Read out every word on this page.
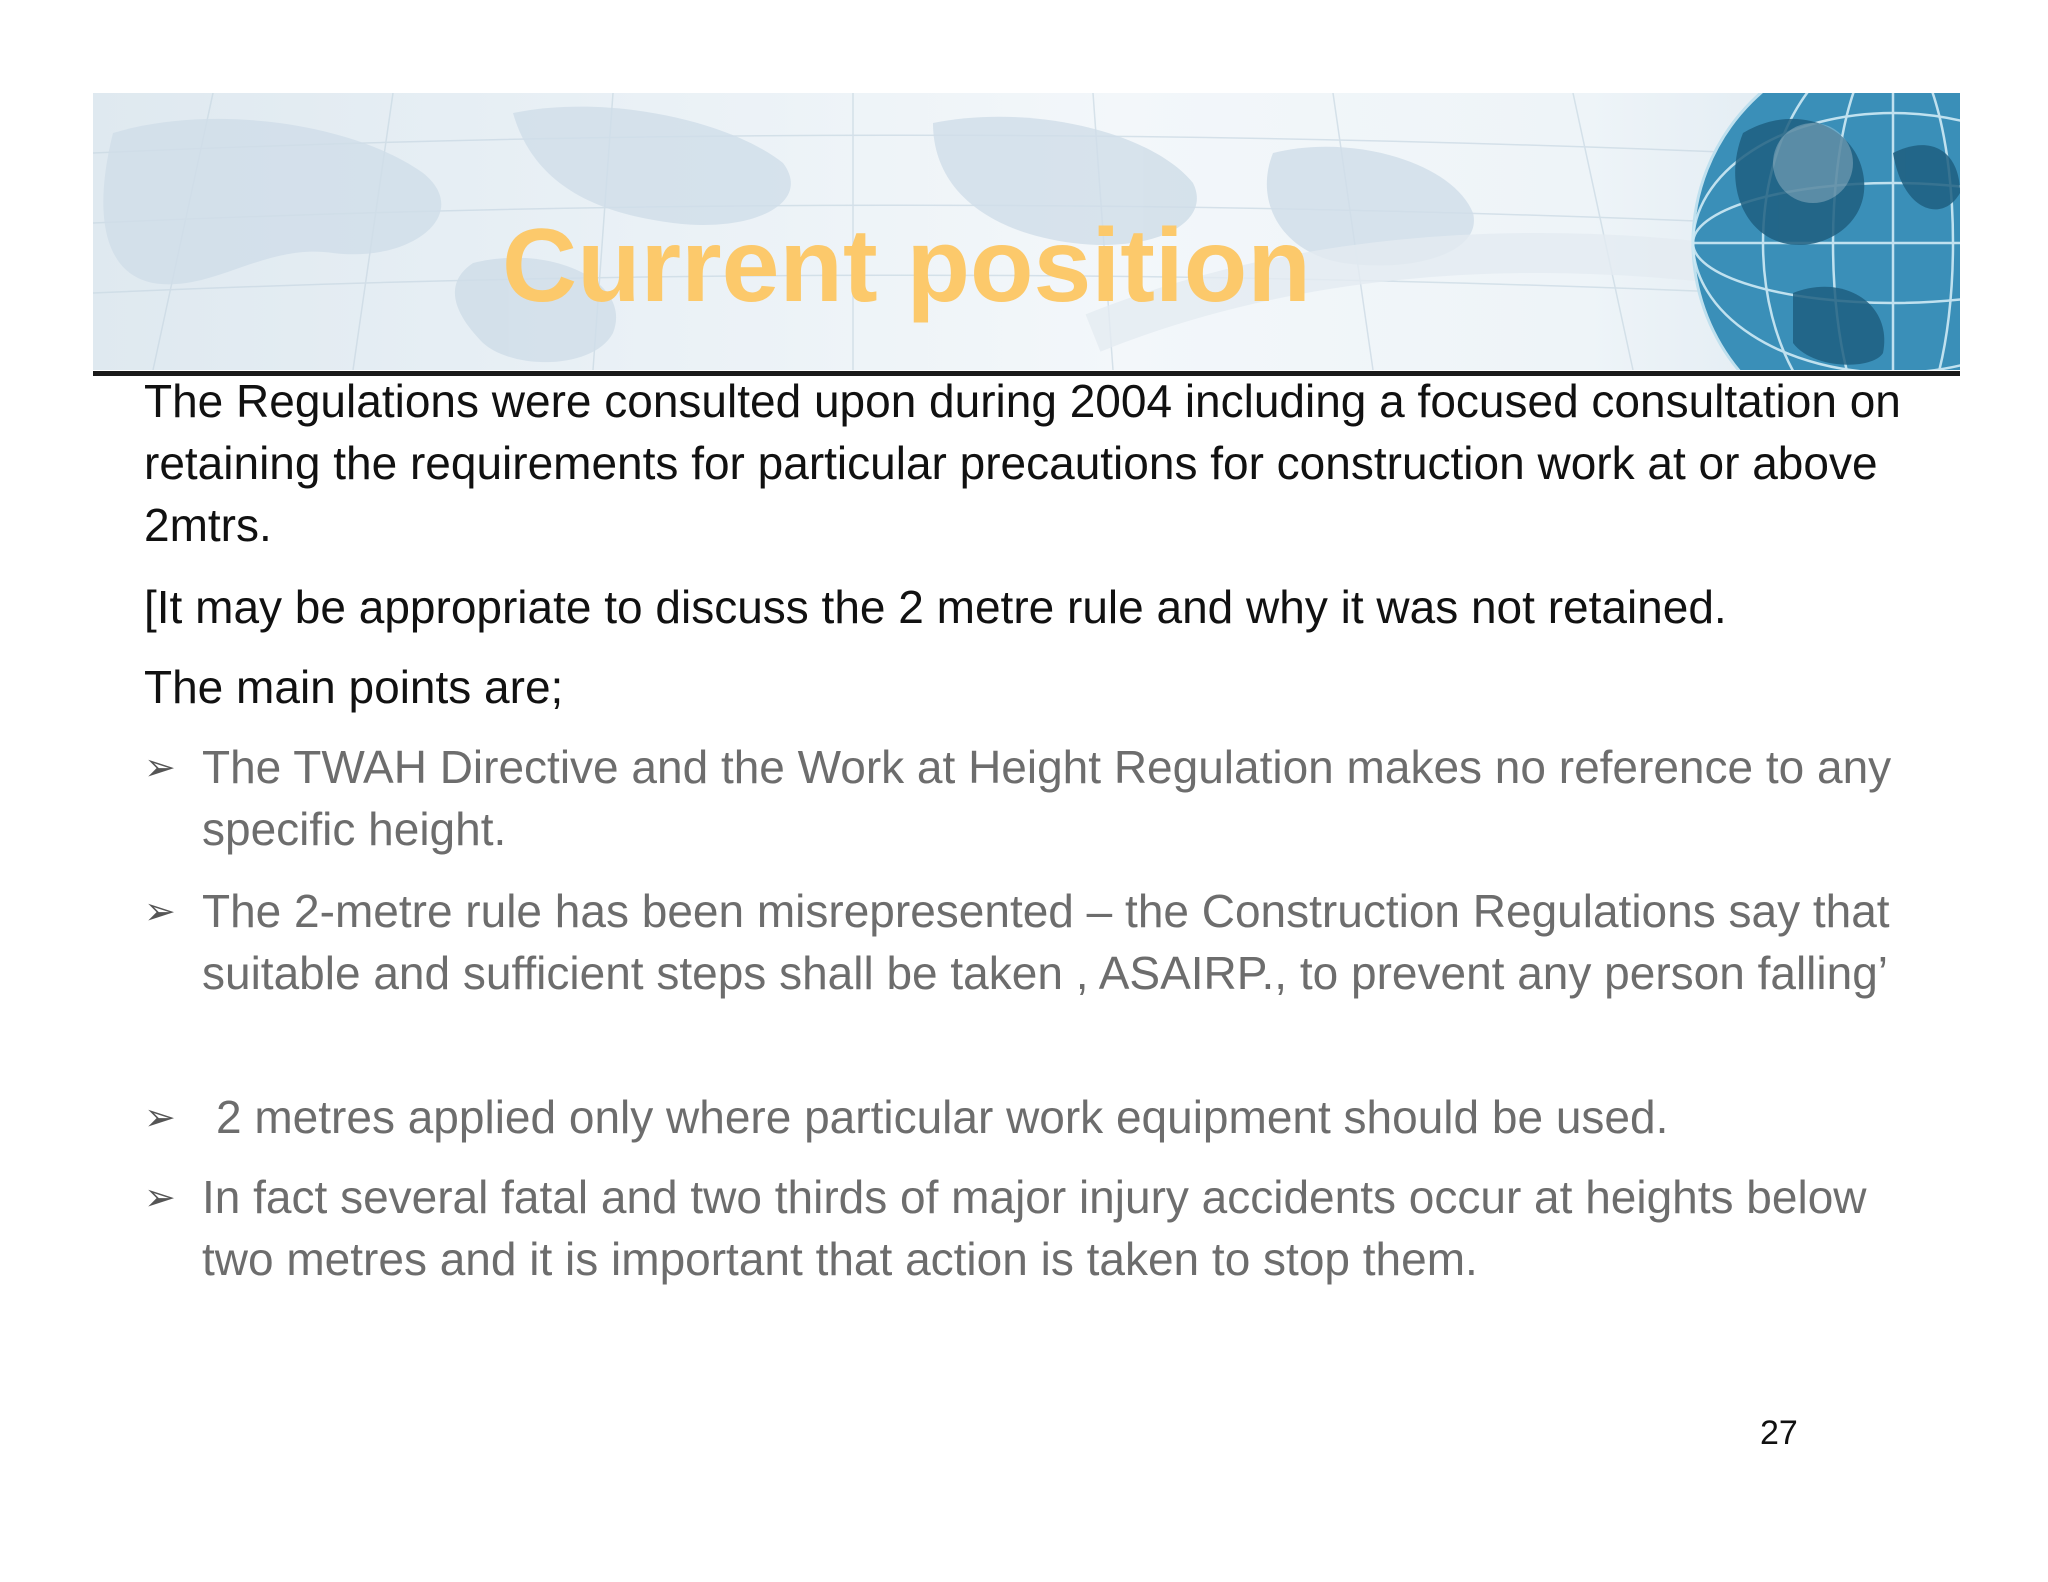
Current position

The Regulations were consulted upon during 2004 including a focused consultation on retaining the requirements for particular precautions for construction work at or above 2mtrs.

[It may be appropriate to discuss the 2 metre rule and why it was not retained.

The main points are;

➢ The TWAH Directive and the Work at Height Regulation makes no reference to any specific height.
➢ The 2-metre rule has been misrepresented – the Construction Regulations say that suitable and sufficient steps shall be taken , ASAIRP., to prevent any person falling’
➢ 2 metres applied only where particular work equipment should be used.
➢ In fact several fatal and two thirds of major injury accidents occur at heights below two metres and it is important that action is taken to stop them.
27
